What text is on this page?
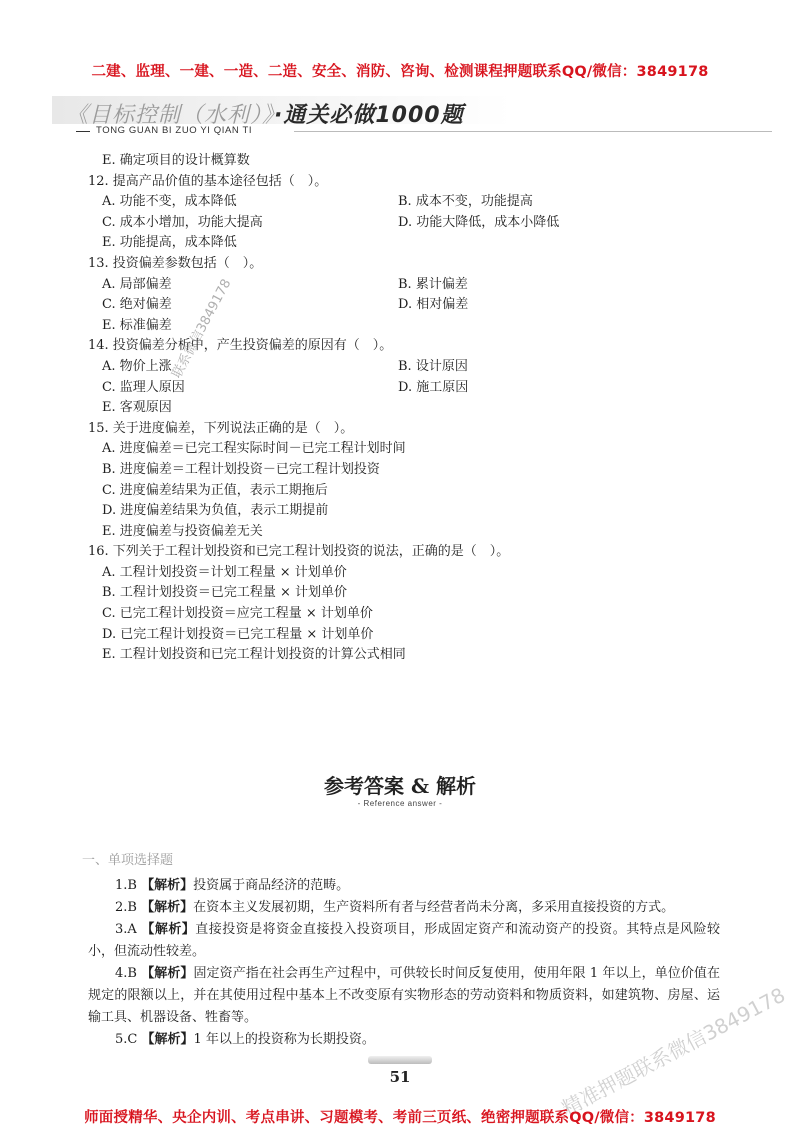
二建、监理、一建、一造、二造、安全、消防、咨询、检测课程押题联系QQ/微信：3849178
《目标控制（水利）》·通关必做1000题
TONG GUAN BI ZUO YI QIAN TI
E. 确定项目的设计概算数
12. 提高产品价值的基本途径包括（　）。
A. 功能不变，成本降低	B. 成本不变，功能提高
C. 成本小增加，功能大提高	D. 功能大降低，成本小降低
E. 功能提高，成本降低
13. 投资偏差参数包括（　）。
A. 局部偏差	B. 累计偏差
C. 绝对偏差	D. 相对偏差
E. 标准偏差
14. 投资偏差分析中，产生投资偏差的原因有（　）。
A. 物价上涨	B. 设计原因
C. 监理人原因	D. 施工原因
E. 客观原因
15. 关于进度偏差，下列说法正确的是（　）。
A. 进度偏差＝已完工程实际时间－已完工程计划时间
B. 进度偏差＝工程计划投资－已完工程计划投资
C. 进度偏差结果为正值，表示工期拖后
D. 进度偏差结果为负值，表示工期提前
E. 进度偏差与投资偏差无关
16. 下列关于工程计划投资和已完工程计划投资的说法，正确的是（　）。
A. 工程计划投资＝计划工程量 × 计划单价
B. 工程计划投资＝已完工程量 × 计划单价
C. 已完工程计划投资＝应完工程量 × 计划单价
D. 已完工程计划投资＝已完工程量 × 计划单价
E. 工程计划投资和已完工程计划投资的计算公式相同
参考答案 & 解析
- Reference answer -
一、单项选择题
1.B 【解析】投资属于商品经济的范畴。
2.B 【解析】在资本主义发展初期，生产资料所有者与经营者尚未分离，多采用直接投资的方式。
3.A 【解析】直接投资是将资金直接投入投资项目，形成固定资产和流动资产的投资。其特点是风险较小，但流动性较差。
4.B 【解析】固定资产指在社会再生产过程中，可供较长时间反复使用，使用年限 1 年以上，单位价值在规定的限额以上，并在其使用过程中基本上不改变原有实物形态的劳动资料和物质资料，如建筑物、房屋、运输工具、机器设备、牲畜等。
5.C 【解析】1 年以上的投资称为长期投资。
51
联系微信3849178
精准押题联系微信3849178
师面授精华、央企内训、考点串讲、习题模考、考前三页纸、绝密押题联系QQ/微信：3849178
